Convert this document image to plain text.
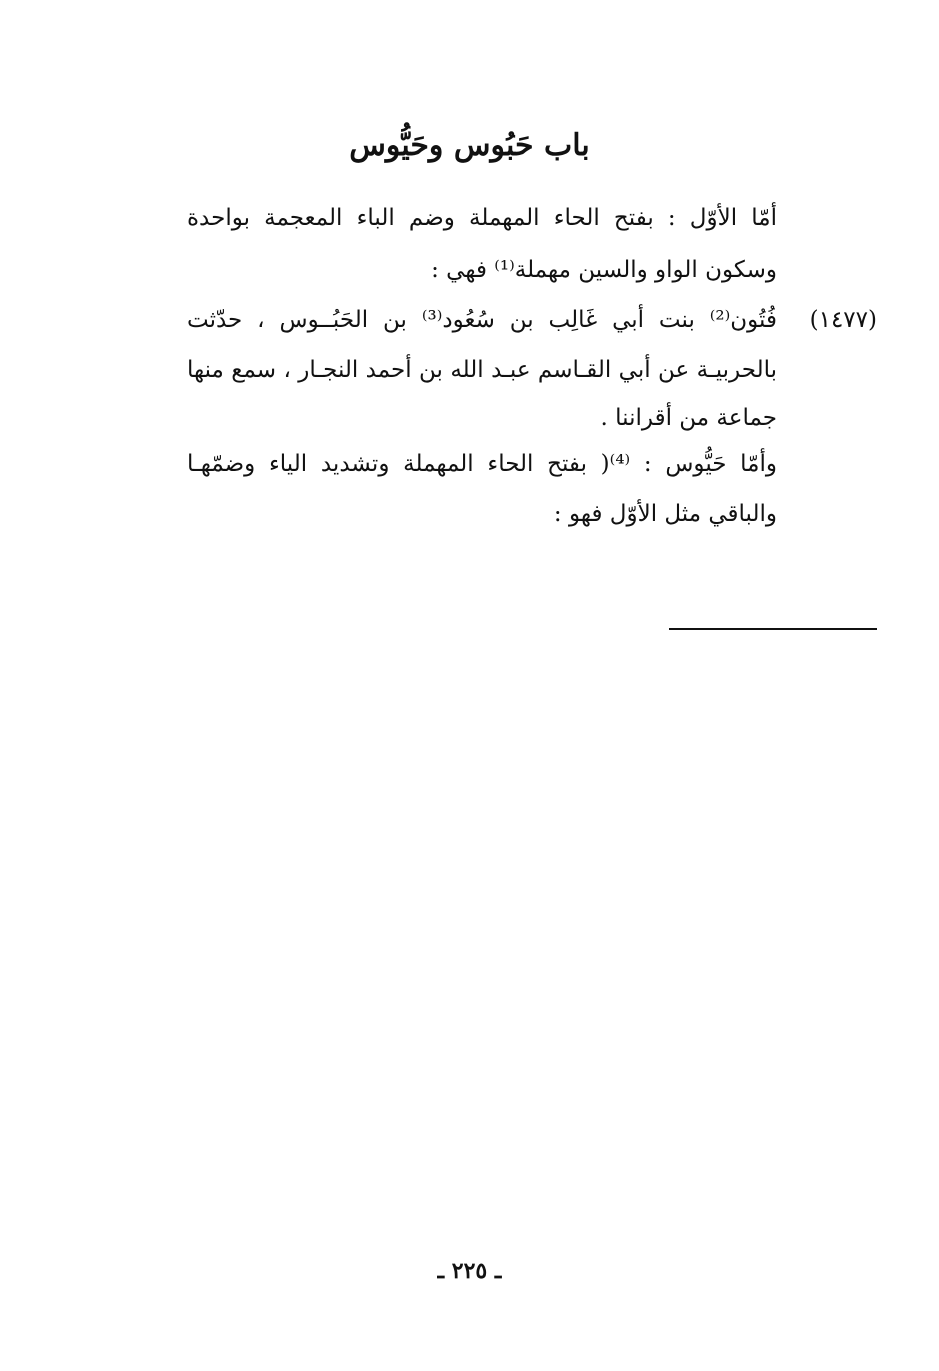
باب حَبُوس وحَيُّوس
أمّا الأوّل : بفتح الحاء المهملة وضم الباء المعجمة بواحدة
وسكون الواو والسين مهملة⁽¹⁾ فهي :
فُتُون⁽²⁾ بنت أبي غَالِب بن سُعُود⁽³⁾ بن الحَبُــوس ، حدّثت
بالحربيـة عن أبي القـاسم عبـد الله بن أحمد النجـار ، سمع منها
جماعة من أقراننا .
وأمّا حَيُّوس : ⁽⁴⁾( بفتح الحاء المهملة وتشديد الياء وضمّهـا
والباقي مثل الأوّل فهو :
(١٤٧٧)
ـ ٢٢٥ ـ
